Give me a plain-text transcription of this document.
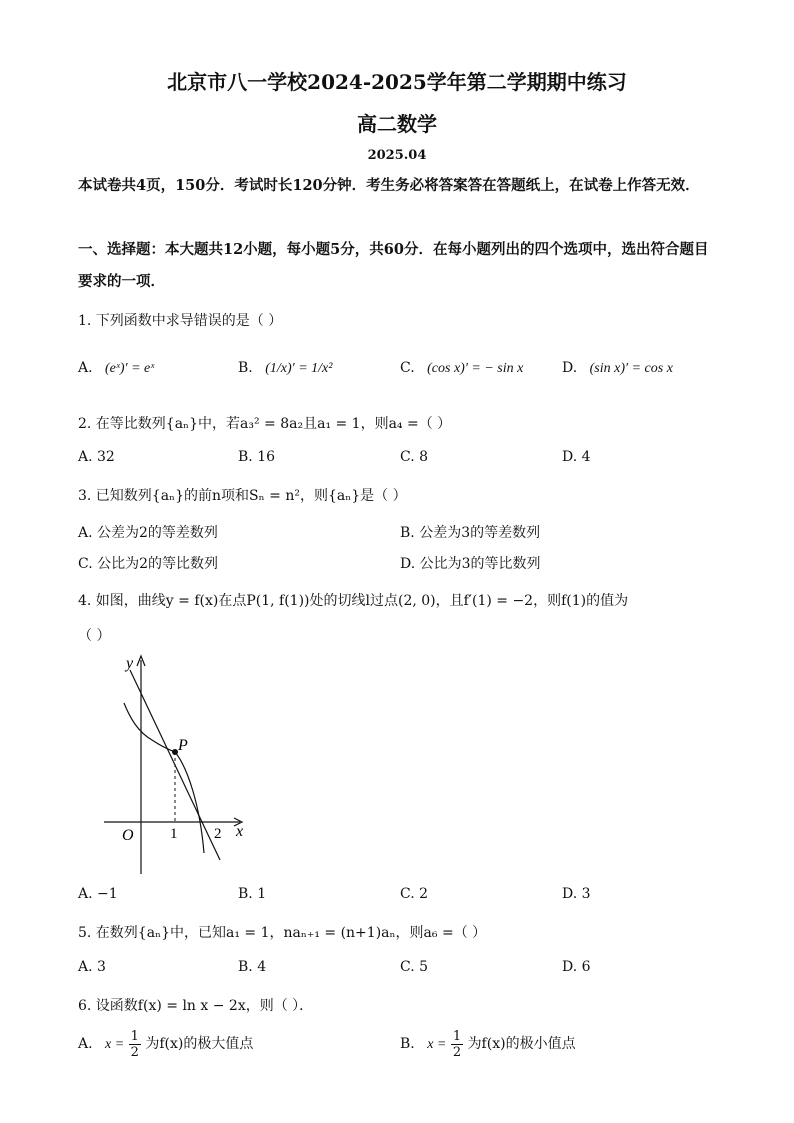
北京市八一学校2024-2025学年第二学期期中练习
高二数学
2025.04
本试卷共4页，150分．考试时长120分钟．考生务必将答案答在答题纸上，在试卷上作答无效．
一、选择题：本大题共12小题，每小题5分，共60分．在每小题列出的四个选项中，选出符合题目要求的一项．
1. 下列函数中求导错误的是（ ）
A. (eˣ)′ = eˣ	B. (1/x)′ = 1/x²	C. (cos x)′ = − sin x	D. (sin x)′ = cos x
2. 在等比数列{aₙ}中，若a₃² = 8a₂且a₁ = 1，则a₄ =（ ）
A. 32	B. 16	C. 8	D. 4
3. 已知数列{aₙ}的前n项和Sₙ = n²，则{aₙ}是（ ）
A. 公差为2的等差数列	B. 公差为3的等差数列
C. 公比为2的等比数列	D. 公比为3的等比数列
4. 如图，曲线y = f(x)在点P(1, f(1))处的切线l过点(2, 0)，且f′(1) = −2，则f(1)的值为
（ ）
y
x
O
P
1 2
A. −1	B. 1	C. 2	D. 3
5. 在数列{aₙ}中，已知a₁ = 1，naₙ₊₁ = (n+1)aₙ，则a₆ =（ ）
A. 3	B. 4	C. 5	D. 6
6. 设函数f(x) = ln x − 2x，则（ ）．
A. $x = \frac{1}{2}$ 为f(x)的极大值点	B. $x = \frac{1}{2}$ 为f(x)的极小值点
